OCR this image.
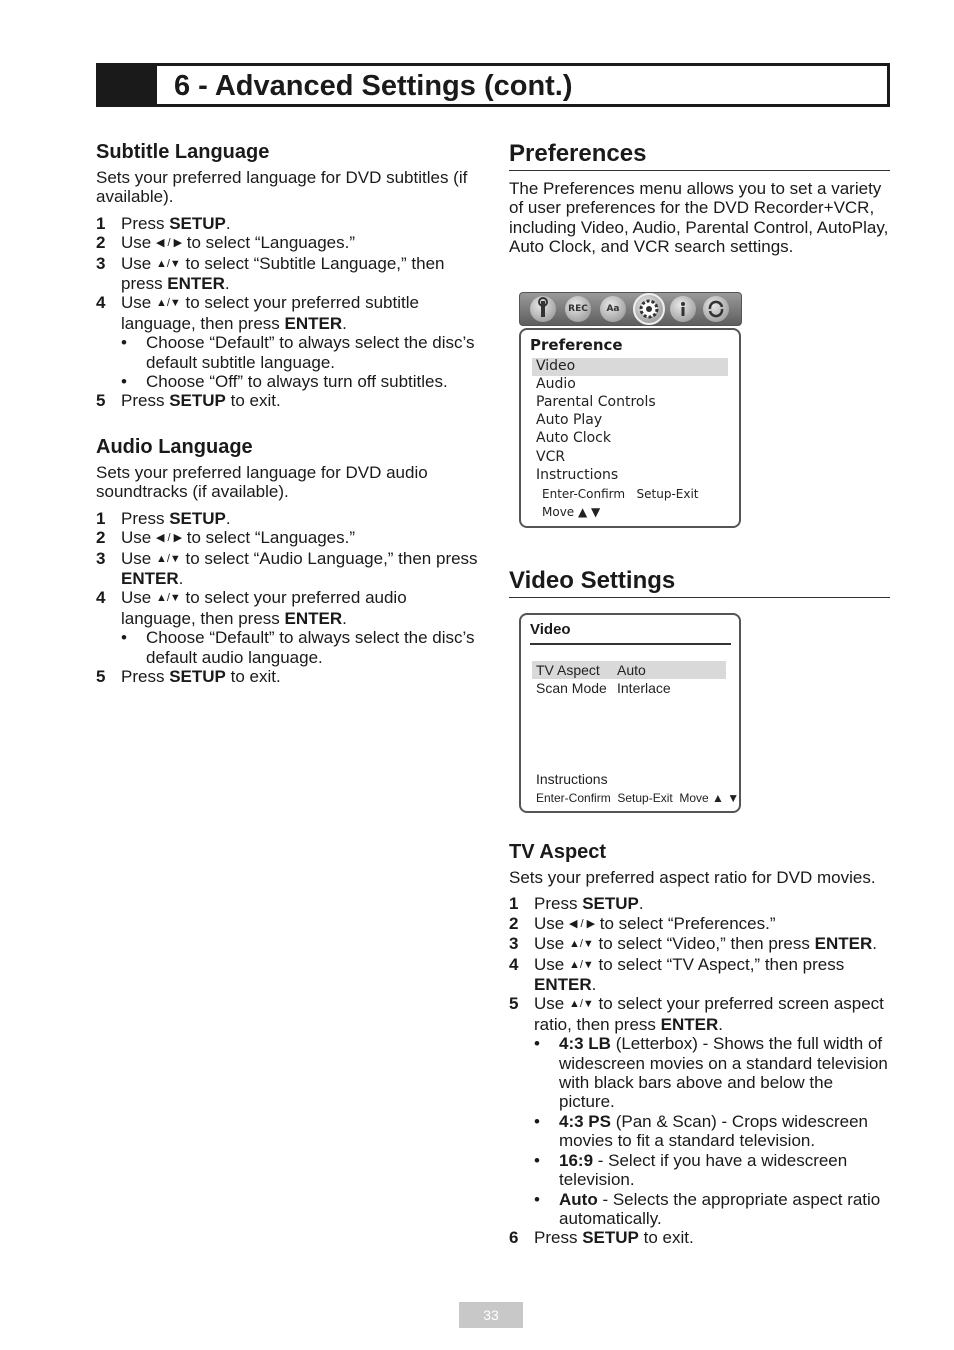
6 - Advanced Settings (cont.)
Subtitle Language

Sets your preferred language for DVD subtitles (if available).

1 Press SETUP.
2 Use ◀ / ▶ to select “Languages.”
3 Use ▲/▼ to select “Subtitle Language,” then press ENTER.
4 Use ▲/▼ to select your preferred subtitle language, then press ENTER.
• Choose “Default” to always select the disc’s default subtitle language.
• Choose “Off” to always turn off subtitles.
5 Press SETUP to exit.
Audio Language

Sets your preferred language for DVD audio soundtracks (if available).

1 Press SETUP.
2 Use ◀ / ▶ to select “Languages.”
3 Use ▲/▼ to select “Audio Language,” then press ENTER.
4 Use ▲/▼ to select your preferred audio language, then press ENTER.
• Choose “Default” to always select the disc’s default audio language.
5 Press SETUP to exit.
Preferences

The Preferences menu allows you to set a variety of user preferences for the DVD Recorder+VCR, including Video, Audio, Parental Control, AutoPlay, Auto Clock, and VCR search settings.

REC	Aa
Preference
Video
Audio
Parental Controls
Auto Play
Auto Clock
VCR
Instructions
Enter-Confirm   Setup-Exit
Move ▲ ▼
Video Settings
Video
TV Aspect Auto
Scan Mode Interlace
Instructions
Enter-Confirm  Setup-Exit  Move ▲ ▼
TV Aspect

Sets your preferred aspect ratio for DVD movies.

1 Press SETUP.
2 Use ◀ / ▶ to select “Preferences.”
3 Use ▲/▼ to select “Video,” then press ENTER.
4 Use ▲/▼ to select “TV Aspect,” then press ENTER.
5 Use ▲/▼ to select your preferred screen aspect ratio, then press ENTER.
• 4:3 LB (Letterbox) - Shows the full width of widescreen movies on a standard television with black bars above and below the picture.
• 4:3 PS (Pan & Scan) - Crops widescreen movies to fit a standard television.
• 16:9 - Select if you have a widescreen television.
• Auto - Selects the appropriate aspect ratio automatically.
6 Press SETUP to exit.
33
